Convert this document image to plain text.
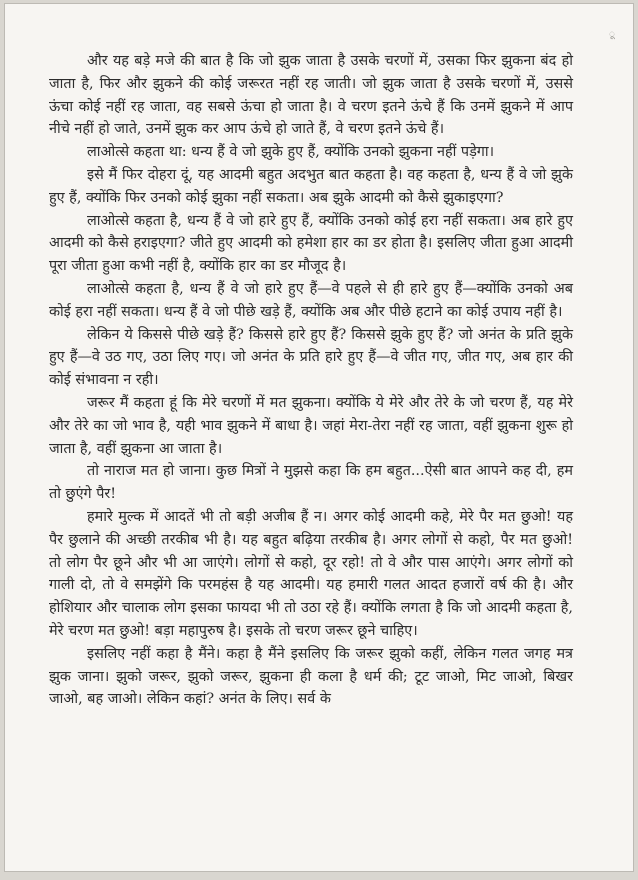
ू

और यह बड़े मजे की बात है कि जो झुक जाता है उसके चरणों में, उसका फिर झुकना बंद हो जाता है, फिर और झुकने की कोई जरूरत नहीं रह जाती। जो झुक जाता है उसके चरणों में, उससे ऊंचा कोई नहीं रह जाता, वह सबसे ऊंचा हो जाता है। वे चरण इतने ऊंचे हैं कि उनमें झुकने में आप नीचे नहीं हो जाते, उनमें झुक कर आप ऊंचे हो जाते हैं, वे चरण इतने ऊंचे हैं।

लाओत्से कहता था: धन्य हैं वे जो झुके हुए हैं, क्योंकि उनको झुकना नहीं पड़ेगा।

इसे मैं फिर दोहरा दूं, यह आदमी बहुत अदभुत बात कहता है। वह कहता है, धन्य हैं वे जो झुके हुए हैं, क्योंकि फिर उनको कोई झुका नहीं सकता। अब झुके आदमी को कैसे झुकाइएगा?

लाओत्से कहता है, धन्य हैं वे जो हारे हुए हैं, क्योंकि उनको कोई हरा नहीं सकता। अब हारे हुए आदमी को कैसे हराइएगा? जीते हुए आदमी को हमेशा हार का डर होता है। इसलिए जीता हुआ आदमी पूरा जीता हुआ कभी नहीं है, क्योंकि हार का डर मौजूद है।

लाओत्से कहता है, धन्य हैं वे जो हारे हुए हैं—वे पहले से ही हारे हुए हैं—क्योंकि उनको अब कोई हरा नहीं सकता। धन्य हैं वे जो पीछे खड़े हैं, क्योंकि अब और पीछे हटाने का कोई उपाय नहीं है।

लेकिन ये किससे पीछे खड़े हैं? किससे हारे हुए हैं? किससे झुके हुए हैं? जो अनंत के प्रति झुके हुए हैं—वे उठ गए, उठा लिए गए। जो अनंत के प्रति हारे हुए हैं—वे जीत गए, जीत गए, अब हार की कोई संभावना न रही।

जरूर मैं कहता हूं कि मेरे चरणों में मत झुकना। क्योंकि ये मेरे और तेरे के जो चरण हैं, यह मेरे और तेरे का जो भाव है, यही भाव झुकने में बाधा है। जहां मेरा-तेरा नहीं रह जाता, वहीं झुकना शुरू हो जाता है, वहीं झुकना आ जाता है।

तो नाराज मत हो जाना। कुछ मित्रों ने मुझसे कहा कि हम बहुत...ऐसी बात आपने कह दी, हम तो छुएंगे पैर!

हमारे मुल्क में आदतें भी तो बड़ी अजीब हैं न। अगर कोई आदमी कहे, मेरे पैर मत छुओ! यह पैर छुलाने की अच्छी तरकीब भी है। यह बहुत बढ़िया तरकीब है। अगर लोगों से कहो, पैर मत छुओ! तो लोग पैर छूने और भी आ जाएंगे। लोगों से कहो, दूर रहो! तो वे और पास आएंगे। अगर लोगों को गाली दो, तो वे समझेंगे कि परमहंस है यह आदमी। यह हमारी गलत आदत हजारों वर्ष की है। और होशियार और चालाक लोग इसका फायदा भी तो उठा रहे हैं। क्योंकि लगता है कि जो आदमी कहता है, मेरे चरण मत छुओ! बड़ा महापुरुष है। इसके तो चरण जरूर छूने चाहिए।

इसलिए नहीं कहा है मैंने। कहा है मैंने इसलिए कि जरूर झुको कहीं, लेकिन गलत जगह मत्र झुक जाना। झुको जरूर, झुको जरूर, झुकना ही कला है धर्म की; टूट जाओ, मिट जाओ, बिखर जाओ, बह जाओ। लेकिन कहां? अनंत के लिए। सर्व के
